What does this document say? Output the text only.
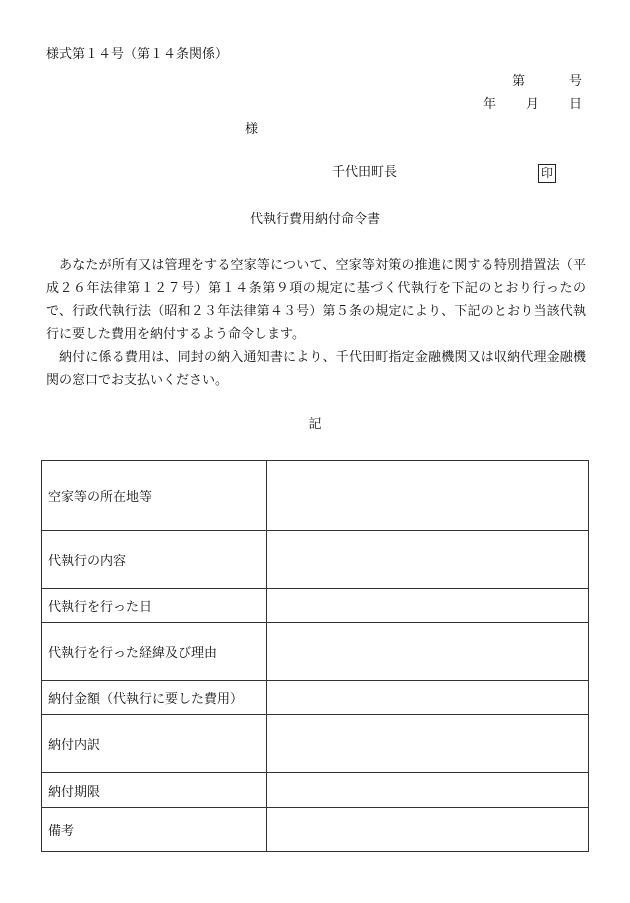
様式第１４号（第１４条関係）
第	号
年 月 日
様
千代田町長	印
代執行費用納付命令書

あなたが所有又は管理をする空家等について、空家等対策の推進に関する特別措置法（平成２６年法律第１２７号）第１４条第９項の規定に基づく代執行を下記のとおり行ったので、行政代執行法（昭和２３年法律第４３号）第５条の規定により、下記のとおり当該代執行に要した費用を納付するよう命令します。

納付に係る費用は、同封の納入通知書により、千代田町指定金融機関又は収納代理金融機関の窓口でお支払いください。

記
空家等の所在地等	
代執行の内容	
代執行を行った日	
代執行を行った経緯及び理由	
納付金額（代執行に要した費用）	
納付内訳	
納付期限	
備考	
